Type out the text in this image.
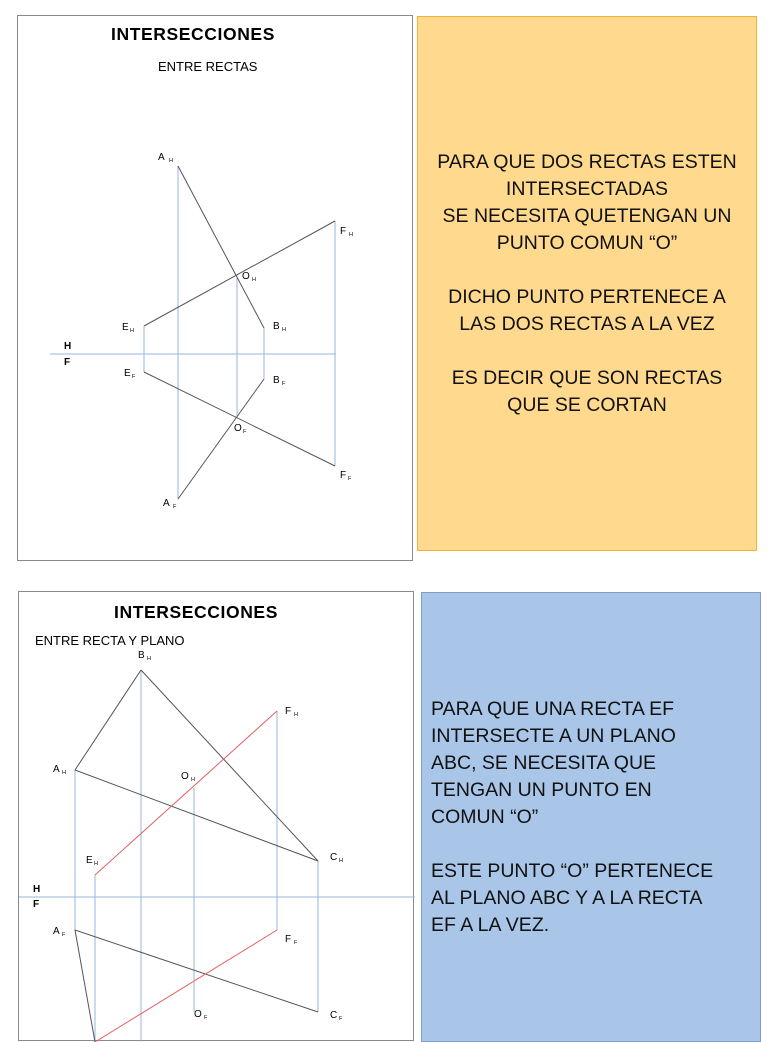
INTERSECCIONES
ENTRE RECTAS
H
F
A H
F H
O H
E H	B H
E F	B F
O F
F F
A F

PARA QUE DOS RECTAS ESTEN
INTERSECTADAS
SE NECESITA QUETENGAN UN
PUNTO COMUN “O”

DICHO PUNTO PERTENECE A
LAS DOS RECTAS A LA VEZ

ES DECIR QUE SON RECTAS
QUE SE CORTAN

INTERSECCIONES
ENTRE RECTA Y PLANO
H
F
B H
F H
A H	O H
E H
C H
A F	F F
O F	C F

PARA QUE UNA RECTA EF
INTERSECTE A UN PLANO
ABC, SE NECESITA QUE
TENGAN UN PUNTO EN
COMUN “O”

ESTE PUNTO “O” PERTENECE
AL PLANO ABC Y A LA RECTA
EF A LA VEZ.
